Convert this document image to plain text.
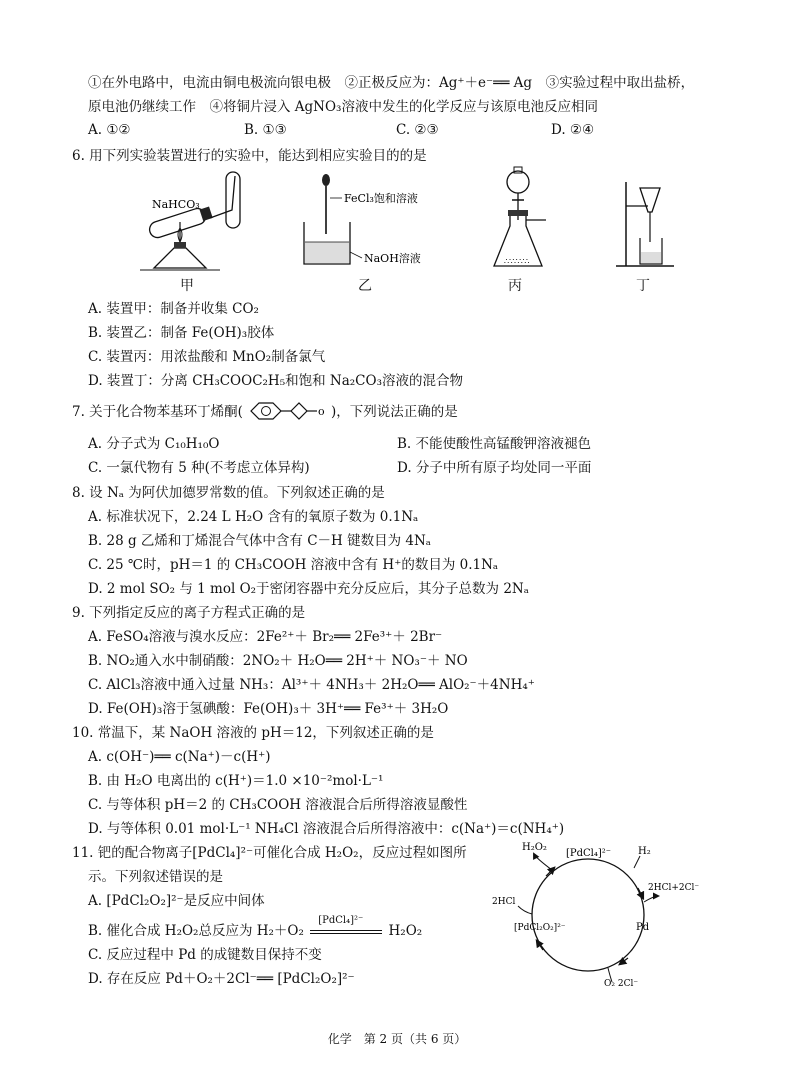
①在外电路中，电流由铜电极流向银电极　②正极反应为：Ag⁺＋e⁻══ Ag　③实验过程中取出盐桥，
原电池仍继续工作　④将铜片浸入 AgNO₃溶液中发生的化学反应与该原电池反应相同
A. ①②	B. ①③	C. ②③	D. ②④
6. 用下列实验装置进行的实验中，能达到相应实验目的的是
NaHCO₃
甲
FeCl₃饱和溶液
NaOH溶液
乙
∴∵∴∵∴
丙	丁
A. 装置甲：制备并收集 CO₂
B. 装置乙：制备 Fe(OH)₃胶体
C. 装置丙：用浓盐酸和 MnO₂制备氯气
D. 装置丁：分离 CH₃COOC₂H₅和饱和 Na₂CO₃溶液的混合物
7. 关于化合物苯基环丁烯酮(	o )，下列说法正确的是
A. 分子式为 C₁₀H₁₀O	B. 不能使酸性高锰酸钾溶液褪色
C. 一氯代物有 5 种(不考虑立体异构)	D. 分子中所有原子均处同一平面
8. 设 Nₐ 为阿伏加德罗常数的值。下列叙述正确的是
A. 标准状况下，2.24 L H₂O 含有的氧原子数为 0.1Nₐ
B. 28 g 乙烯和丁烯混合气体中含有 C－H 键数目为 4Nₐ
C. 25 ℃时，pH＝1 的 CH₃COOH 溶液中含有 H⁺的数目为 0.1Nₐ
D. 2 mol SO₂ 与 1 mol O₂于密闭容器中充分反应后，其分子总数为 2Nₐ
9. 下列指定反应的离子方程式正确的是
A. FeSO₄溶液与溴水反应：2Fe²⁺＋ Br₂══ 2Fe³⁺＋ 2Br⁻
B. NO₂通入水中制硝酸：2NO₂＋ H₂O══ 2H⁺＋ NO₃⁻＋ NO
C. AlCl₃溶液中通入过量 NH₃：Al³⁺＋ 4NH₃＋ 2H₂O══ AlO₂⁻＋4NH₄⁺
D. Fe(OH)₃溶于氢碘酸：Fe(OH)₃＋ 3H⁺══ Fe³⁺＋ 3H₂O
10. 常温下，某 NaOH 溶液的 pH＝12，下列叙述正确的是
A. c(OH⁻)══ c(Na⁺)－c(H⁺)
B. 由 H₂O 电离出的 c(H⁺)＝1.0 ×10⁻²mol·L⁻¹
C. 与等体积 pH＝2 的 CH₃COOH 溶液混合后所得溶液显酸性
D. 与等体积 0.01 mol·L⁻¹ NH₄Cl 溶液混合后所得溶液中：c(Na⁺)＝c(NH₄⁺)
11. 钯的配合物离子[PdCl₄]²⁻可催化合成 H₂O₂，反应过程如图所
示。下列叙述错误的是
A. [PdCl₂O₂]²⁻是反应中间体
B. 催化合成 H₂O₂总反应为 H₂＋O₂
[PdCl₄]²⁻
H₂O₂
C. 反应过程中 Pd 的成键数目保持不变
D. 存在反应 Pd＋O₂＋2Cl⁻══ [PdCl₂O₂]²⁻
H₂O₂
[PdCl₄]²⁻	H₂
2HCl+2Cl⁻
2HCl
[PdCl₂O₂]²⁻	Pd
O₂ 2Cl⁻
化学　第 2 页（共 6 页）
